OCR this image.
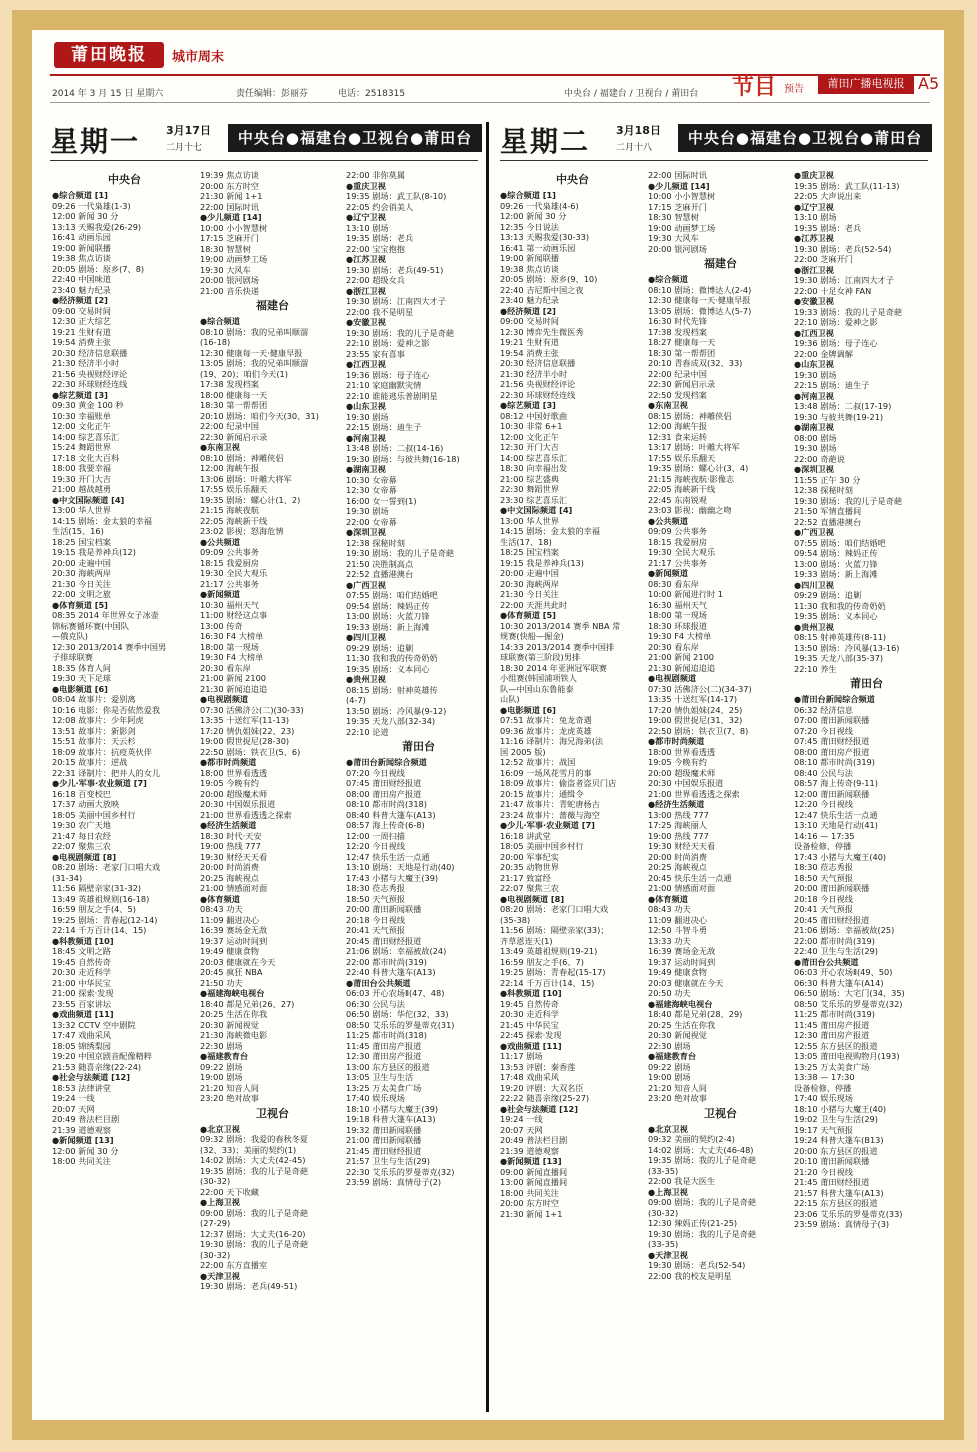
莆田晚报	城市周末
节目 预告	莆田广播电视报 A5
2014 年 3 月 15 日 星期六	责任编辑：彭丽芬	电话：2518315	中央台 / 福建台 / 卫视台 / 莆田台
星期一 3月17日
二月十七
中央台●福建台●卫视台●莆田台 星期二 3月18日
二月十八
中央台●福建台●卫视台●莆田台
中央台
●综合频道 [1]
09:26 一代枭雄(1-3)
12:00 新闻 30 分
13:13 天赐我爱(26-29)
16:41 动画乐园
19:00 新闻联播
19:38 焦点访谈
20:05 剧场：原乡(7、8)
22:40 中国味道
23:40 魅力纪录
●经济频道 [2]
09:00 交易时间
12:30 正大综艺
19:21 生财有道
19:54 消费主张
20:30 经济信息联播
21:30 经济半小时
21:56 央视财经评论
22:30 环球财经连线
●综艺频道 [3]
09:30 黄金 100 秒
10:30 幸福账单
12:00 文化正午
14:00 综艺喜乐汇
15:24 舞蹈世界
17:18 文化大百科
18:00 我要幸福
19:30 开门大吉
21:00 越战越勇
●中文国际频道 [4]
13:00 华人世界
14:15 剧场：金太狼的幸福
生活(15、16)
18:25 国宝档案
19:15 我是养神兵(12)
20:00 走遍中国
20:30 海峡两岸
21:30 今日关注
22:00 文明之旅
●体育频道 [5]
08:35 2014 年世界女子冰壶
锦标赛循环赛(中国队
—俄克队)
12:30 2013/2014 赛季中国男
子排球联赛
18:35 体育人间
19:30 天下足球
●电影频道 [6]
08:04 故事片：爱别离
10:16 电影：你是否依然爱我
12:08 故事片：少年阿虎
13:51 故事片：新影剑
15:51 故事片：天云杉
18:09 故事片：抗疫英伙伴
20:15 故事片：逆战
22:31 译制片：把井人的女儿
●少儿·军事·农业频道 [7]
16:18 百变校巴
17:37 动画大放映
18:05 美丽中国乡村行
19:30 农广天地
21:47 每日农经
22:07 聚焦三农
●电视剧频道 [8]
08:20 剧场：老家门口唱大戏
(31-34)
11:56 隔壁亲家(31-32)
13:49 英雄祖规则(16-18)
16:59 朋友之手(4、5)
19:25 剧场：青春起(12-14)
22:14 千万百计(14、15)
●科教频道 [10]
18:45 文明之路
19:45 自然传奇
20:30 走近科学
21:00 中华民宝
21:00 探索·发现
23:55 百家讲坛
●戏曲频道 [11]
13:32 CCTV 空中剧院
17:47 戏曲采风
18:05 锦绣梨园
19:20 中国京剧音配像精粹
21:53 随喜亲缘(22-24)
●社会与法频道 [12]
18:53 法律讲堂
19:24 一线
20:07 天网
20:49 普法栏目剧
21:39 道德观察
●新闻频道 [13]
12:00 新闻 30 分
18:00 共同关注
19:39 焦点访谈
20:00 东方时空
21:30 新闻 1+1
22:00 国际时讯
●少儿频道 [14]
10:00 小小智慧树
17:15 芝麻开门
18:30 智慧树
19:00 动画梦工场
19:30 大风车
20:00 银河剧场
21:00 音乐快递
福建台
●综合频道
08:10 剧场：我的兄弟叫顺溜
(16-18)
12:30 健康每一天·健康早报
13:05 剧场：我的兄弟叫顺溜
(19、20)；咱们今天(1)
17:38 发现档案
18:00 健康每一天
18:30 第一帮帮团
20:10 剧场：咱们今天(30、31)
22:00 纪录中国
22:30 新闻启示录
●东南卫视
08:10 剧场：神雕侠侣
12:00 海峡午报
13:06 剧场：叶雕大将军
17:55 娱乐乐翻天
19:35 剧场：螺心计(1、2)
21:15 海峡夜航
22:05 海峡新干线
23:02 影视：怒海危情
●公共频道
09:09 公共事务
18:15 我爱厨房
19:30 全民大观乐
21:17 公共事务
●新闻频道
10:30 福州天气
11:00 财经这点事
13:00 传奇
16:30 F4 大榜单
18:00 第一现场
19:30 F4 大榜单
20:30 看东岸
21:00 新闻 2100
21:30 新闻追追追
●电视剧频道
07:30 活佛济公(二)(30-33)
13:35 十送红军(11-13)
17:20 情仇姐妹(22、23)
19:00 假世捉尼(28-30)
22:50 剧场：铁衣卫(5、6)
●都市时尚频道
18:00 世界看透透
19:05 今晚有约
20:00 超级魔术师
20:30 中国娱乐报道
21:00 世界看透透之探索
●经济生活频道
18:30 时代·天安
19:00 热线 777
19:30 财经天天看
20:00 时尚消费
20:25 海峡视点
21:00 情感面对面
●体育频道
08:43 功夫
11:09 翻进决心
16:39 赛场金无敌
19:37 运动时间到
19:49 健康食物
20:03 健康就在今天
20:45 疯狂 NBA
21:50 功夫
●福建海峡电视台
18:40 都是兄弟(26、27)
20:25 生活在你我
20:30 新闻视觉
21:30 海峡微电影
22:30 剧场
●福建教育台
09:22 剧场
19:00 剧场
21:20 知音人间
23:20 绝对故事
卫视台
●北京卫视
09:32 剧场：我爱的春秋冬夏
(32、33)；美丽的契约(1)
14:02 剧场：大丈夫(42-45)
19:35 剧场：我的儿子是奇葩
(30-32)
22:00 天下收藏
●上海卫视
09:00 剧场：我的儿子是奇葩
(27-29)
12:37 剧场：大丈夫(16-20)
19:30 剧场：我的儿子是奇葩
(30-32)
22:00 东方直播室
●天津卫视
19:30 剧场：老兵(49-51)
22:00 非你莫属
●重庆卫视
19:35 剧场：武工队(8-10)
22:05 约会俏美人
●辽宁卫视
13:10 剧场
19:35 剧场：老兵
22:00 宝宝抱抱
●江苏卫视
19:30 剧场：老兵(49-51)
22:00 超级女兵
●浙江卫视
19:30 剧场：江南四大才子
22:00 我不是明星
●安徽卫视
19:30 剧场：我的儿子是奇葩
22:10 剧场：爱神之影
23:55 家有喜事
●江西卫视
19:36 剧场：母子连心
21:10 家庭幽默灾情
22:10 谁能逃乐普剧明星
●山东卫视
19:30 剧场
22:15 剧场：迪生子
●河南卫视
13:48 剧场：二叔(14-16)
19:30 剧场：与彼共舞(16-18)
●湖南卫视
10:30 女帝幕
12:30 女帝幕
16:00 女一誓到(1)
19:30 剧场
22:00 女帝幕
●深圳卫视
12:38 探秘时刻
19:30 剧场：我的儿子是奇葩
21:50 决胜制高点
22:52 直播港澳台
●广西卫视
07:55 剧场：咱们结婚吧
09:54 剧场：辣妈正传
13:00 剧场：火蓝刀锋
19:33 剧场：新上海滩
●四川卫视
09:29 剧场：追剿
11:30 我和我的传奇奶奶
19:35 剧场：义本同心
●贵州卫视
08:15 剧场：射神英雄传
(4-7)
13:50 剧场：冷风暴(9-12)
19:35 天龙八部(32-34)
22:10 论道
莆田台
●莆田台新闻综合频道
07:20 今日视线
07:45 莆田财经报道
08:00 莆田房产报道
08:10 都市时尚(318)
08:40 科普大篷车(A13)
08:57 海上传奇(6-8)
12:00 一周扫描
12:20 今日视线
12:47 快乐生活一点通
13:10 剧场：天地是行动(40)
17:43 小猪与大魔王(39)
18:30 莅志秀报
18:50 天气预报
20:00 莆田新闻联播
20:18 今日视线
20:41 天气预报
20:45 莆田财经报道
21:06 剧场：幸福被故(24)
22:00 都市时尚(319)
22:40 科普大篷车(A13)
●莆田台公共频道
06:03 开心农场Ⅱ(47、48)
06:30 公民与法
06:50 剧场：华佗(32、33)
08:50 艾乐乐的罗曼蒂克(31)
11:25 都市时尚(318)
11:45 莆田房产报道
12:30 莆田房产报道
13:00 东方县区的报道
13:05 卫生与生活
13:25 万太美食广场
17:40 娱乐现场
18:10 小猪与大魔王(39)
19:18 科普大篷车(A13)
19:32 莆田新闻联播
21:00 莆田新闻联播
21:45 莆田财经报道
21:57 卫生与生活(29)
22:30 艾乐乐的罗曼蒂克(32)
23:59 剧场：真情母子(2)
中央台
●综合频道 [1]
09:26 一代枭雄(4-6)
12:00 新闻 30 分
12:35 今日说法
13:13 天赐我爱(30-33)
16:41 第一动画乐园
19:00 新闻联播
19:38 焦点访谈
20:05 剧场：原乡(9、10)
22:40 吉尼斯中国之夜
23:40 魅力纪录
●经济频道 [2]
09:00 交易时间
12:30 博弈先生微医秀
19:21 生财有道
19:54 消费主张
20:30 经济信息联播
21:30 经济半小时
21:56 央视财经评论
22:30 环球财经连线
●综艺频道 [3]
08:12 中国好歌曲
10:30 非常 6+1
12:00 文化正午
12:30 开门大吉
14:00 综艺喜乐汇
18:30 向幸福出发
21:00 综艺盛典
22:30 舞蹈世界
23:30 综艺喜乐汇
●中文国际频道 [4]
13:00 华人世界
14:15 剧场：金太狼的幸福
生活(17、18)
18:25 国宝档案
19:15 我是养神兵(13)
20:00 走遍中国
20:30 海峡两岸
21:30 今日关注
22:00 天涯共此时
●体育频道 [5]
10:30 2013/2014 赛季 NBA 常
规赛(快船—掘金)
14:33 2013/2014 赛季中国排
球联赛(第三阶段)男排
18:30 2014 年亚洲冠军联赛
小组赛(韩国浦项铁人
队—中国山东鲁能泰
山队)
●电影频道 [6]
07:51 故事片：兔龙奇遇
09:36 故事片：龙虎英雄
11:16 译制片：海兄海弟(法
国 2005 版)
12:52 故事片：战国
16:09 一场风花雪月的事
18:09 故事片：偷盗者盗贝门店
20:15 故事片：通缉令
21:47 故事片：青蛇唐杨古
23:24 故事片：蔷薇与海空
●少儿·军事·农业频道 [7]
16:18 讲武堂
18:05 美丽中国乡村行
20:00 军事纪实
20:35 动物世界
21:17 致富经
22:07 聚焦三农
●电视剧频道 [8]
08:20 剧场：老家门口唱大戏
(35-38)
11:56 剧场：隔壁亲家(33)；
齐草恩连天(1)
13:49 英雄祖规则(19-21)
16:59 朋友之手(6、7)
19:25 剧场：青春起(15-17)
22:14 千万百计(14、15)
●科教频道 [10]
19:45 自然传奇
20:30 走近科学
21:45 中华民宝
22:45 探索·发现
●戏曲频道 [11]
11:17 剧场
13:53 评剧：秦香莲
17:48 戏曲采风
19:20 评剧：大双名臣
22:22 随喜亲缘(25-27)
●社会与法频道 [12]
19:24 一线
20:07 天网
20:49 普法栏目剧
21:39 道德观察
●新闻频道 [13]
09:00 新闻直播间
13:00 新闻直播间
18:00 共同关注
20:00 东方时空
21:30 新闻 1+1
22:00 国际时讯
●少儿频道 [14]
10:00 小小智慧树
17:15 芝麻开门
18:30 智慧树
19:00 动画梦工场
19:30 大风车
20:00 银河剧场
福建台
●综合频道
08:10 剧场：微博达人(2-4)
12:30 健康每一天·健康早报
13:05 剧场：微博达人(5-7)
16:30 时代先锋
17:38 发现档案
18:27 健康每一天
18:30 第一帮帮团
20:10 青春成双(32、33)
22:00 纪录中国
22:30 新闻启示录
22:50 发现档案
●东南卫视
08:15 剧场：神雕侠侣
12:00 海峡午报
12:31 食来运转
13:17 剧场：叶雕大将军
17:55 娱乐乐翻天
19:35 剧场：螺心计(3、4)
21:15 海峡夜航·影像志
22:05 海峡新干线
22:45 东南锐观
23:03 影视：幽幽之吻
●公共频道
09:09 公共事务
18:15 我爱厨房
19:30 全民大观乐
21:17 公共事务
●新闻频道
08:30 看东岸
10:00 新闻进行时 1
16:30 福州天气
18:00 第一现场
18:30 环球报道
19:30 F4 大榜单
20:30 看东岸
21:00 新闻 2100
21:30 新闻追追追
●电视剧频道
07:30 活佛济公(二)(34-37)
13:35 十送红军(14-17)
17:20 情仇姐妹(24、25)
19:00 假世捉尼(31、32)
22:50 剧场：铁衣卫(7、8)
●都市时尚频道
18:00 世界看透透
19:05 今晚有约
20:00 超级魔术师
20:30 中国娱乐报道
21:00 世界看透透之探索
●经济生活频道
13:00 热线 777
17:25 海峡丽人
19:00 热线 777
19:30 财经天天看
20:00 时尚消费
20:25 海峡视点
20:45 快乐生活一点通
21:00 情感面对面
●体育频道
08:43 功夫
11:09 翻进决心
12:50 斗智斗勇
13:33 功夫
16:39 赛场金无敌
19:37 运动时间到
19:49 健康食物
20:03 健康就在今天
20:50 功夫
●福建海峡电视台
18:40 都是兄弟(28、29)
20:25 生活在你我
20:30 新闻视觉
22:30 剧场
●福建教育台
09:22 剧场
19:00 剧场
21:20 知音人间
23:20 绝对故事
卫视台
●北京卫视
09:32 美丽的契约(2-4)
14:02 剧场：大丈夫(46-48)
19:35 剧场：我的儿子是奇葩
(33-35)
22:00 我是大医生
●上海卫视
09:00 剧场：我的儿子是奇葩
(30-32)
12:30 辣妈正传(21-25)
19:30 剧场：我的儿子是奇葩
(33-35)
●天津卫视
19:30 剧场：老兵(52-54)
22:00 我的校友是明星
●重庆卫视
19:35 剧场：武工队(11-13)
22:05 大声说出来
●辽宁卫视
13:10 剧场
19:35 剧场：老兵
●江苏卫视
19:30 剧场：老兵(52-54)
22:00 芝麻开门
●浙江卫视
19:30 剧场：江南四大才子
22:00 十足女神 FAN
●安徽卫视
19:33 剧场：我的儿子是奇葩
22:10 剧场：爱神之影
●江西卫视
19:36 剧场：母子连心
22:00 金牌调解
●山东卫视
19:30 剧场
22:15 剧场：迪生子
●河南卫视
13:48 剧场：二叔(17-19)
19:30 与彼共舞(19-21)
●湖南卫视
08:00 剧场
19:30 剧场
22:00 奇葩说
●深圳卫视
11:55 正午 30 分
12:38 探秘时刻
19:30 剧场：我的儿子是奇葩
21:50 军情直播间
22:52 直播港澳台
●广西卫视
07:55 剧场：咱们结婚吧
09:54 剧场：辣妈正传
13:00 剧场：火蓝刀锋
19:33 剧场：新上海滩
●四川卫视
09:29 剧场：追剿
11:30 我和我的传奇奶奶
19:35 剧场：义本同心
●贵州卫视
08:15 射神英雄传(8-11)
13:50 剧场：冷风暴(13-16)
19:35 天龙八部(35-37)
22:10 养生
莆田台
●莆田台新闻综合频道
06:32 经济信息
07:00 莆田新闻联播
07:20 今日视线
07:45 莆田财经报道
08:00 莆田房产报道
08:10 都市时尚(319)
08:40 公民与法
08:57 海上传奇(9-11)
12:00 莆田新闻联播
12:20 今日视线
12:47 快乐生活一点通
13:10 天地是行动(41)
14:16 — 17:35
设备检修、停播
17:43 小猪与大魔王(40)
18:30 莅志秀报
18:50 天气预报
20:00 莆田新闻联播
20:18 今日视线
20:41 天气预报
20:45 莆田财经报道
21:06 剧场：幸福被故(25)
22:00 都市时尚(319)
22:40 卫生与生活(29)
●莆田台公共频道
06:03 开心农场Ⅱ(49、50)
06:30 科普大篷车(A14)
06:50 剧场：大宅门(34、35)
08:50 艾乐乐的罗曼蒂克(32)
11:25 都市时尚(319)
11:45 莆田房产报道
12:30 莆田房产报道
12:55 东方县区的报道
13:05 莆田电视购物月(193)
13:25 万太美食广场
13:38 — 17:30
设备检修、停播
17:40 娱乐现场
18:10 小猪与大魔王(40)
19:02 卫生与生活(29)
19:17 天气预报
19:24 科普大篷车(B13)
20:00 东方县区的报道
20:10 莆田新闻联播
21:20 今日视线
21:45 莆田财经报道
21:57 科普大篷车(A13)
22:15 东方县区的报道
23:06 艾乐乐的罗曼蒂克(33)
23:59 剧场：真情母子(3)
